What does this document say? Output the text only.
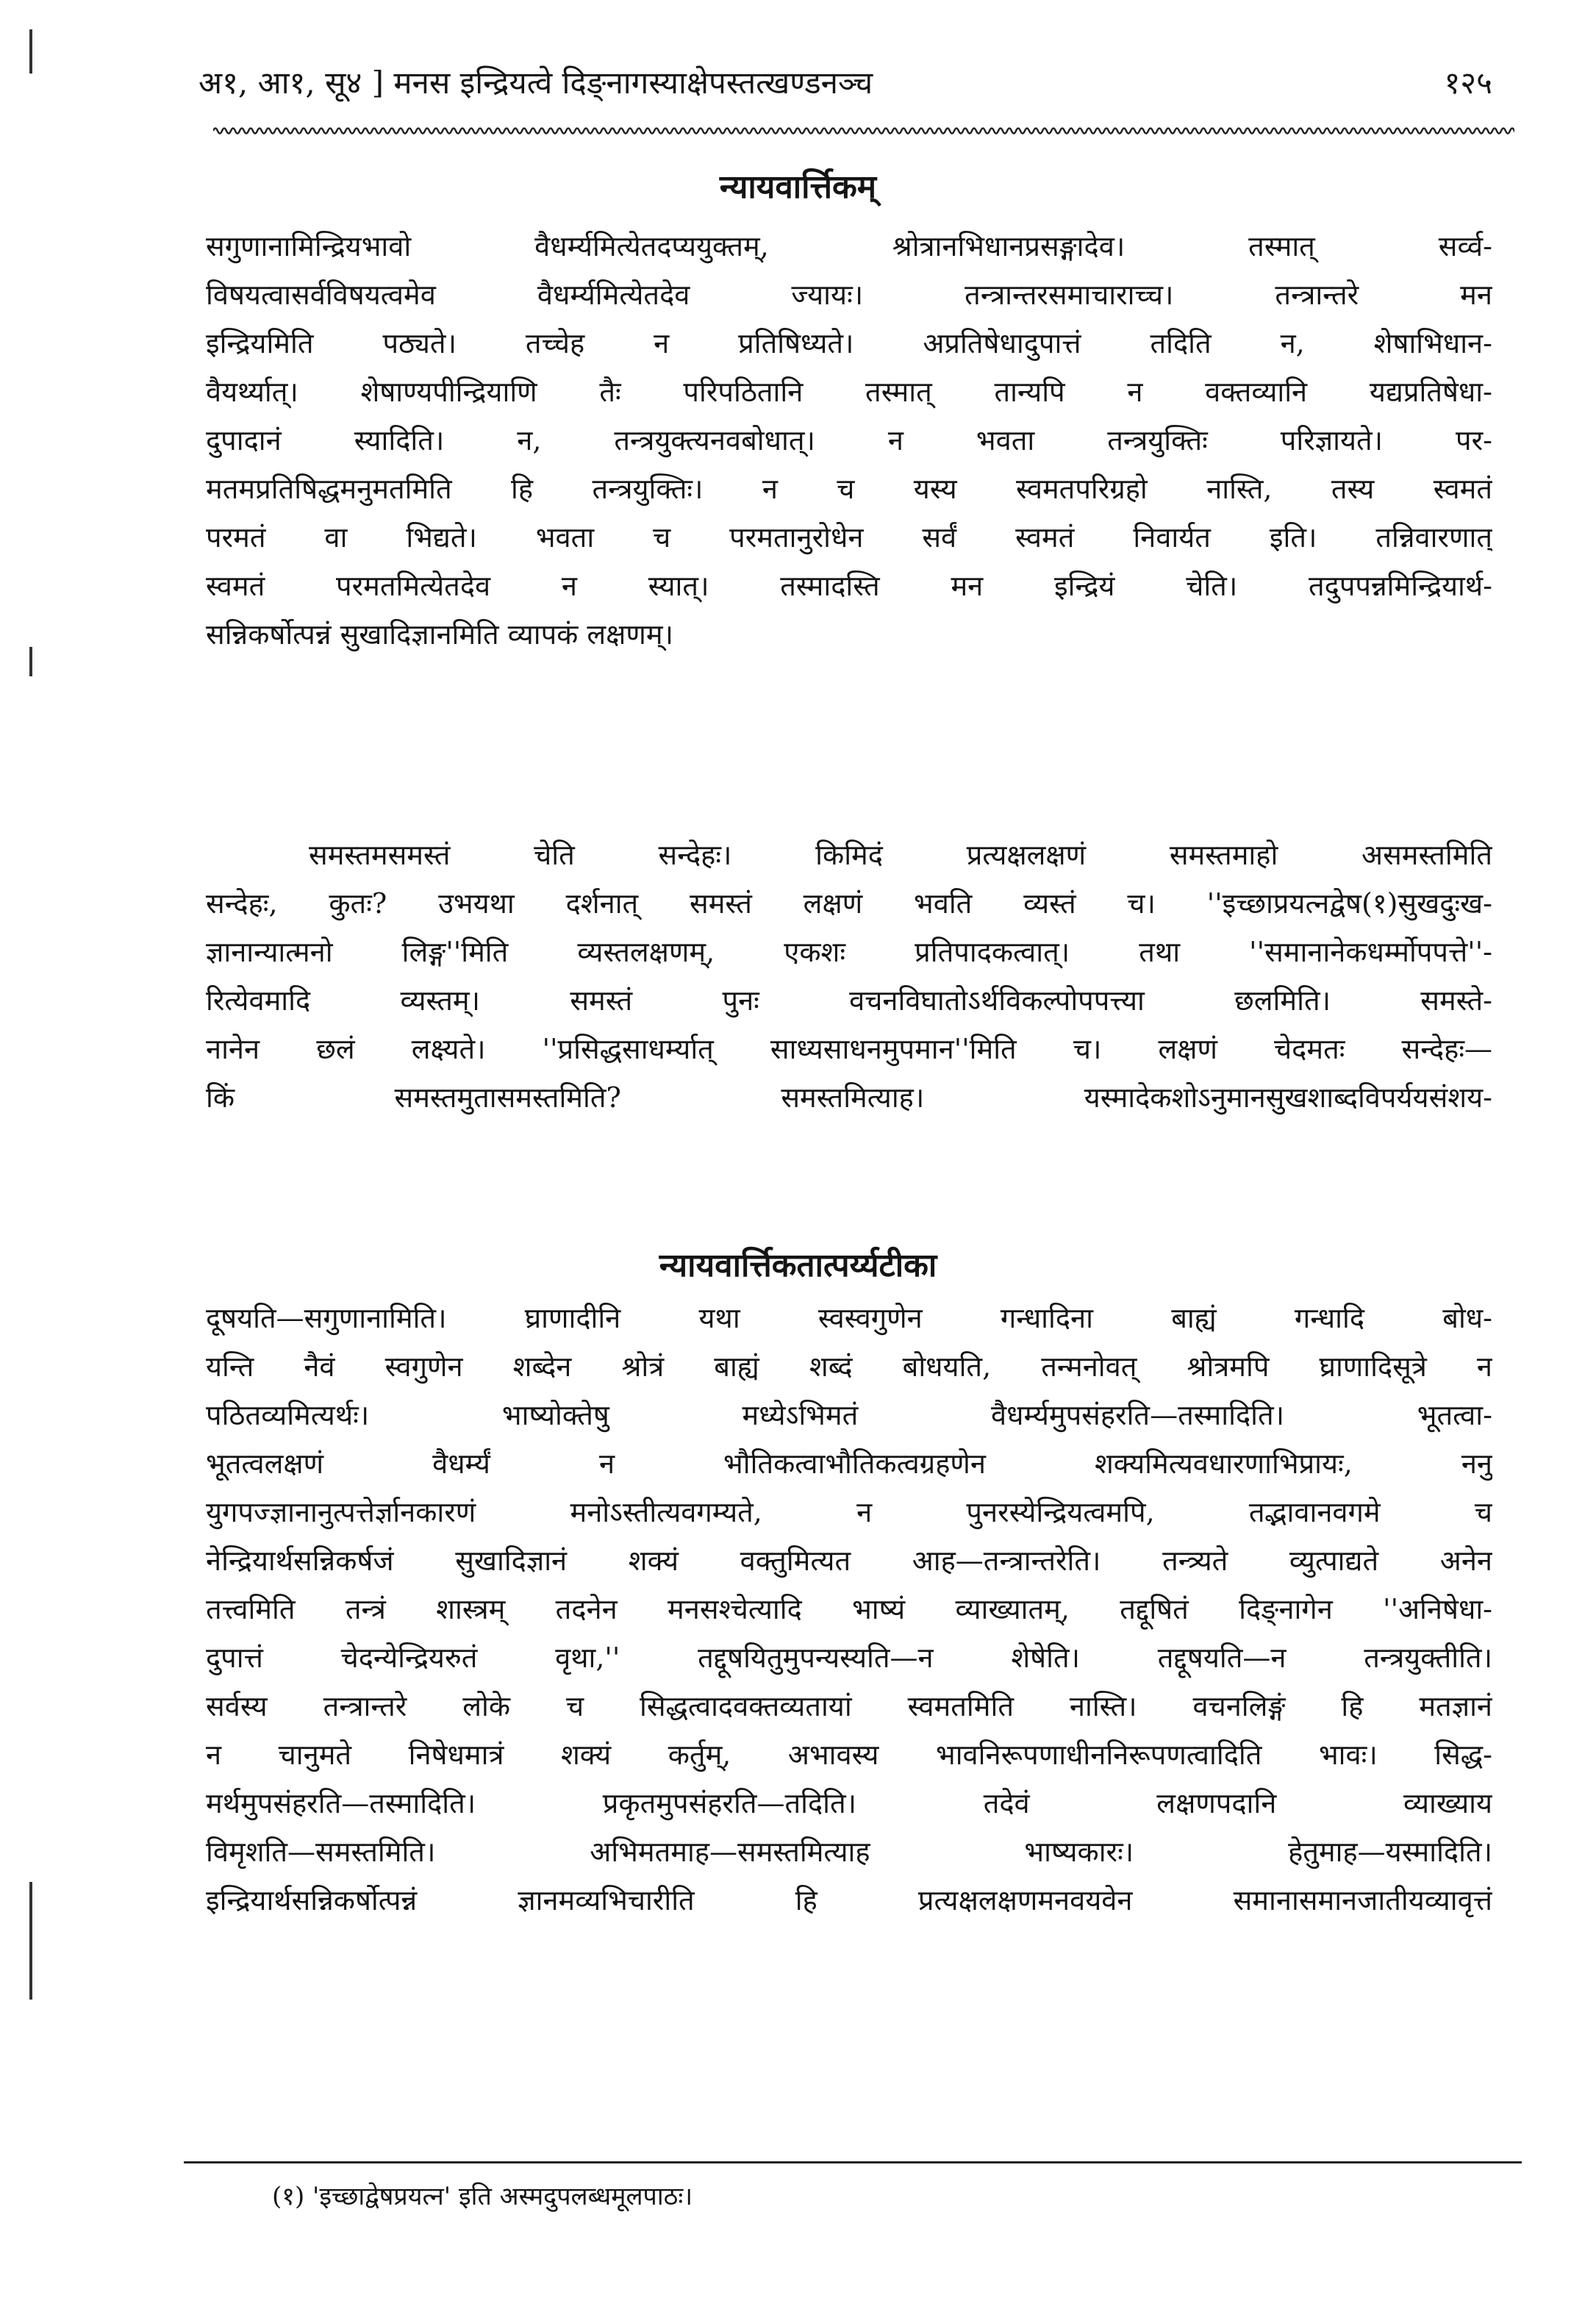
अ१, आ१, सू४ ] मनस इन्द्रियत्वे दिङ्नागस्याक्षेपस्तत्खण्डनञ्च	१२५
न्यायवार्त्तिकम्
सगुणानामिन्द्रियभावो वैधर्म्यमित्येतदप्ययुक्तम्, श्रोत्रानभिधानप्रसङ्गादेव। तस्मात् सर्व्व-
विषयत्वासर्वविषयत्वमेव वैधर्म्यमित्येतदेव ज्यायः। तन्त्रान्तरसमाचाराच्च। तन्त्रान्तरे मन
इन्द्रियमिति पठ्यते। तच्चेह न प्रतिषिध्यते। अप्रतिषेधादुपात्तं तदिति न, शेषाभिधान-
वैयर्थ्यात्। शेषाण्यपीन्द्रियाणि तैः परिपठितानि तस्मात् तान्यपि न वक्तव्यानि यद्यप्रतिषेधा-
दुपादानं स्यादिति। न, तन्त्रयुक्त्यनवबोधात्। न भवता तन्त्रयुक्तिः परिज्ञायते। पर-
मतमप्रतिषिद्धमनुमतमिति हि तन्त्रयुक्तिः। न च यस्य स्वमतपरिग्रहो नास्ति, तस्य स्वमतं
परमतं वा भिद्यते। भवता च परमतानुरोधेन सर्वं स्वमतं निवार्यत इति। तन्निवारणात्
स्वमतं परमतमित्येतदेव न स्यात्। तस्मादस्ति मन इन्द्रियं चेति। तदुपपन्नमिन्द्रियार्थ-
सन्निकर्षोत्पन्नं सुखादिज्ञानमिति व्यापकं लक्षणम्।
समस्तमसमस्तं चेति सन्देहः। किमिदं प्रत्यक्षलक्षणं समस्तमाहो असमस्तमिति
सन्देहः, कुतः? उभयथा दर्शनात् समस्तं लक्षणं भवति व्यस्तं च। ''इच्छाप्रयत्नद्वेष(१)सुखदुःख-
ज्ञानान्यात्मनो लिङ्ग''मिति व्यस्तलक्षणम्, एकशः प्रतिपादकत्वात्। तथा ''समानानेकधर्म्मोपपत्ते''-
रित्येवमादि व्यस्तम्। समस्तं पुनः वचनविघातोऽर्थविकल्पोपपत्त्या छलमिति। समस्ते-
नानेन छलं लक्ष्यते। ''प्रसिद्धसाधर्म्यात् साध्यसाधनमुपमान''मिति च। लक्षणं चेदमतः सन्देहः—
किं समस्तमुतासमस्तमिति? समस्तमित्याह। यस्मादेकशोऽनुमानसुखशाब्दविपर्ययसंशय-
न्यायवार्त्तिकतात्पर्य्यटीका
दूषयति—सगुणानामिति। घ्राणादीनि यथा स्वस्वगुणेन गन्धादिना बाह्यं गन्धादि बोध-
यन्ति नैवं स्वगुणेन शब्देन श्रोत्रं बाह्यं शब्दं बोधयति, तन्मनोवत् श्रोत्रमपि घ्राणादिसूत्रे न
पठितव्यमित्यर्थः। भाष्योक्तेषु मध्येऽभिमतं वैधर्म्यमुपसंहरति—तस्मादिति। भूतत्वा-
भूतत्वलक्षणं वैधर्म्यं न भौतिकत्वाभौतिकत्वग्रहणेन शक्यमित्यवधारणाभिप्रायः, ननु
युगपज्ज्ञानानुत्पत्तेर्ज्ञानकारणं मनोऽस्तीत्यवगम्यते, न पुनरस्येन्द्रियत्वमपि, तद्भावानवगमे च
नेन्द्रियार्थसन्निकर्षजं सुखादिज्ञानं शक्यं वक्तुमित्यत आह—तन्त्रान्तरेति। तन्त्र्यते व्युत्पाद्यते अनेन
तत्त्वमिति तन्त्रं शास्त्रम् तदनेन मनसश्चेत्यादि भाष्यं व्याख्यातम्, तद्दूषितं दिङ्नागेन ''अनिषेधा-
दुपात्तं चेदन्येन्द्रियरुतं वृथा,'' तद्दूषयितुमुपन्यस्यति—न शेषेति। तद्दूषयति—न तन्त्रयुक्तीति।
सर्वस्य तन्त्रान्तरे लोके च सिद्धत्वादवक्तव्यतायां स्वमतमिति नास्ति। वचनलिङ्गं हि मतज्ञानं
न चानुमते निषेधमात्रं शक्यं कर्तुम्, अभावस्य भावनिरूपणाधीननिरूपणत्वादिति भावः। सिद्ध-
मर्थमुपसंहरति—तस्मादिति। प्रकृतमुपसंहरति—तदिति। तदेवं लक्षणपदानि व्याख्याय
विमृशति—समस्तमिति। अभिमतमाह—समस्तमित्याह भाष्यकारः। हेतुमाह—यस्मादिति।
इन्द्रियार्थसन्निकर्षोत्पन्नं ज्ञानमव्यभिचारीति हि प्रत्यक्षलक्षणमनवयवेन समानासमानजातीयव्यावृत्तं
(१) 'इच्छाद्वेषप्रयत्न' इति अस्मदुपलब्धमूलपाठः।
